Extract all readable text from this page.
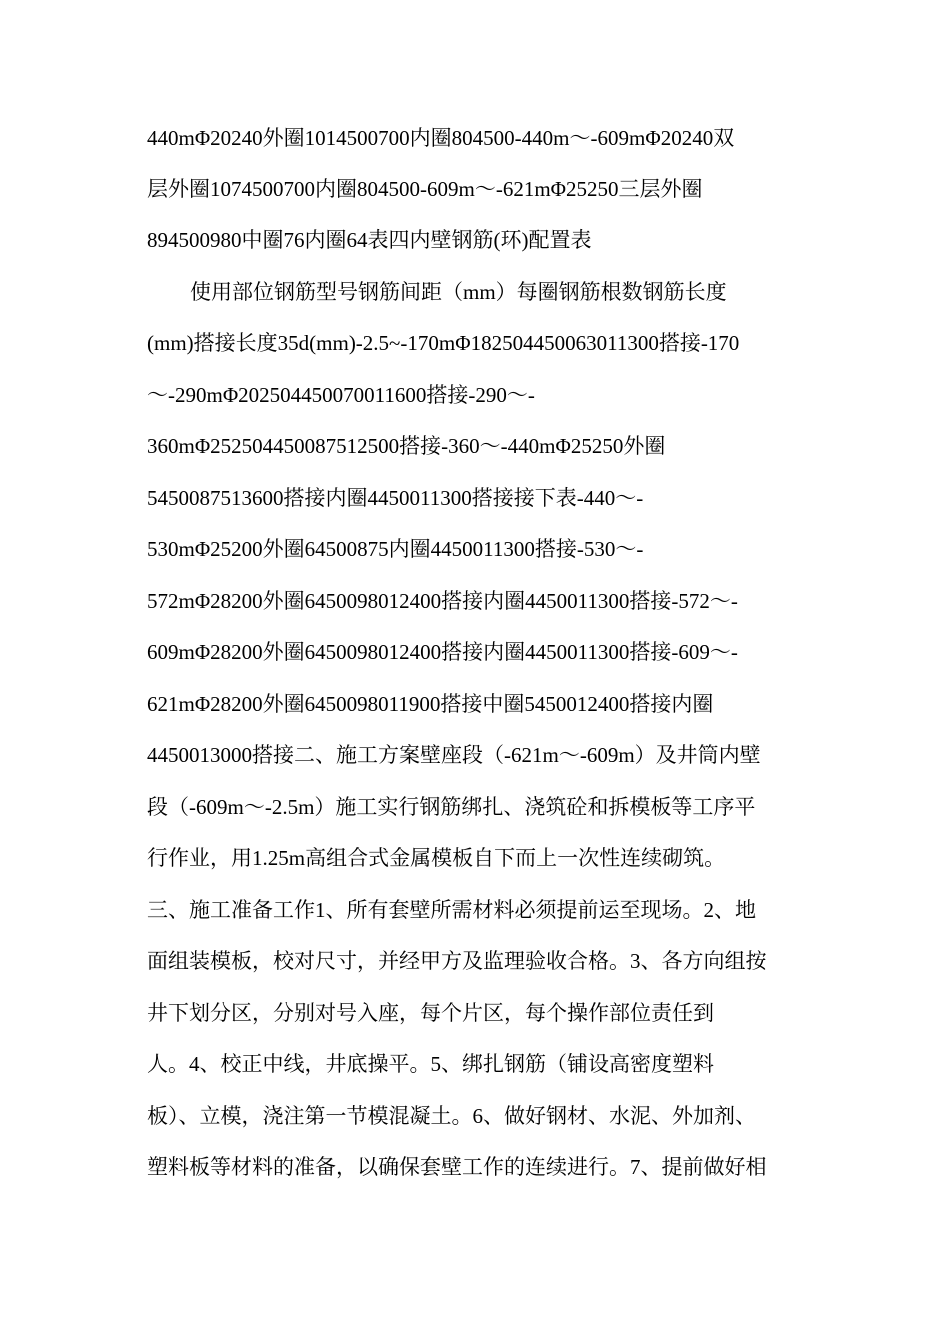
440mΦ20240外圈1014500700内圈804500-440m～-609mΦ20240双
层外圈1074500700内圈804500-609m～-621mΦ25250三层外圈
894500980中圈76内圈64表四内壁钢筋(环)配置表
使用部位钢筋型号钢筋间距（mm）每圈钢筋根数钢筋长度
(mm)搭接长度35d(mm)-2.5~-170mΦ182504450063011300搭接-170
～-290mΦ202504450070011600搭接-290～-
360mΦ252504450087512500搭接-360～-440mΦ25250外圈
5450087513600搭接内圈4450011300搭接接下表-440～-
530mΦ25200外圈64500875内圈4450011300搭接-530～-
572mΦ28200外圈6450098012400搭接内圈4450011300搭接-572～-
609mΦ28200外圈6450098012400搭接内圈4450011300搭接-609～-
621mΦ28200外圈6450098011900搭接中圈5450012400搭接内圈
4450013000搭接二、施工方案壁座段（-621m～-609m）及井筒内壁
段（-609m～-2.5m）施工实行钢筋绑扎、浇筑砼和拆模板等工序平
行作业，用1.25m高组合式金属模板自下而上一次性连续砌筑。
三、施工准备工作1、所有套壁所需材料必须提前运至现场。2、地
面组装模板，校对尺寸，并经甲方及监理验收合格。3、各方向组按
井下划分区，分别对号入座，每个片区，每个操作部位责任到
人。4、校正中线，井底操平。5、绑扎钢筋（铺设高密度塑料
板）、立模，浇注第一节模混凝土。6、做好钢材、水泥、外加剂、
塑料板等材料的准备，以确保套壁工作的连续进行。7、提前做好相
